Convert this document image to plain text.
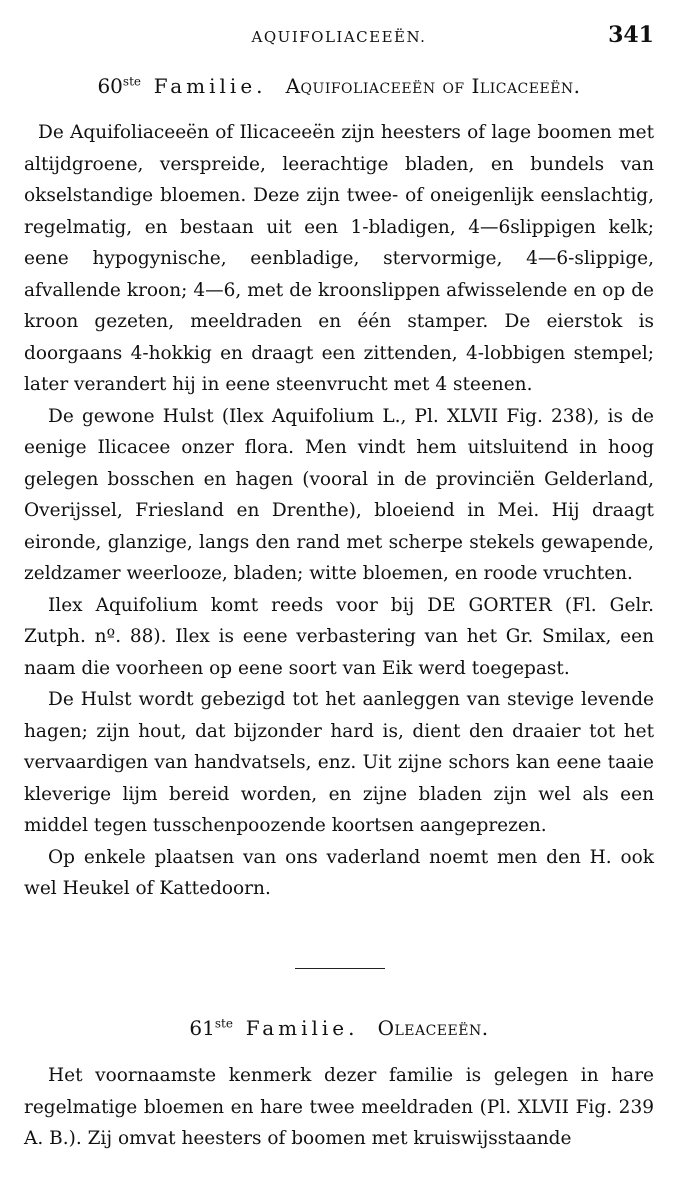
AQUIFOLIACEEËN.	341
60ste Familie. Aquifoliaceeën of Ilicaceeën.

De Aquifoliaceeën of Ilicaceeën zijn heesters of lage boomen met altijdgroene, verspreide, leerachtige bladen, en bundels van okselstandige bloemen. Deze zijn twee- of oneigenlijk eenslachtig, regelmatig, en bestaan uit een 1-bladigen, 4—6slippigen kelk; eene hypogynische, eenbladige, stervormige, 4—6-slippige, afvallende kroon; 4—6, met de kroonslippen afwisselende en op de kroon gezeten, meeldraden en één stamper. De eierstok is doorgaans 4-hokkig en draagt een zittenden, 4-lobbigen stempel; later verandert hij in eene steenvrucht met 4 steenen.

De gewone Hulst (Ilex Aquifolium L., Pl. XLVII Fig. 238), is de eenige Ilicacee onzer flora. Men vindt hem uitsluitend in hoog gelegen bosschen en hagen (vooral in de provinciën Gelderland, Overijssel, Friesland en Drenthe), bloeiend in Mei. Hij draagt eironde, glanzige, langs den rand met scherpe stekels gewapende, zeldzamer weerlooze, bladen; witte bloemen, en roode vruchten.

Ilex Aquifolium komt reeds voor bij DE GORTER (Fl. Gelr. Zutph. nº. 88). Ilex is eene verbastering van het Gr. Smilax, een naam die voorheen op eene soort van Eik werd toegepast.

De Hulst wordt gebezigd tot het aanleggen van stevige levende hagen; zijn hout, dat bijzonder hard is, dient den draaier tot het vervaardigen van handvatsels, enz. Uit zijne schors kan eene taaie kleverige lijm bereid worden, en zijne bladen zijn wel als een middel tegen tusschenpoozende koortsen aangeprezen.

Op enkele plaatsen van ons vaderland noemt men den H. ook wel Heukel of Kattedoorn.

61ste Familie. Oleaceeën.

Het voornaamste kenmerk dezer familie is gelegen in hare regelmatige bloemen en hare twee meeldraden (Pl. XLVII Fig. 239 A. B.). Zij omvat heesters of boomen met kruiswijsstaande
